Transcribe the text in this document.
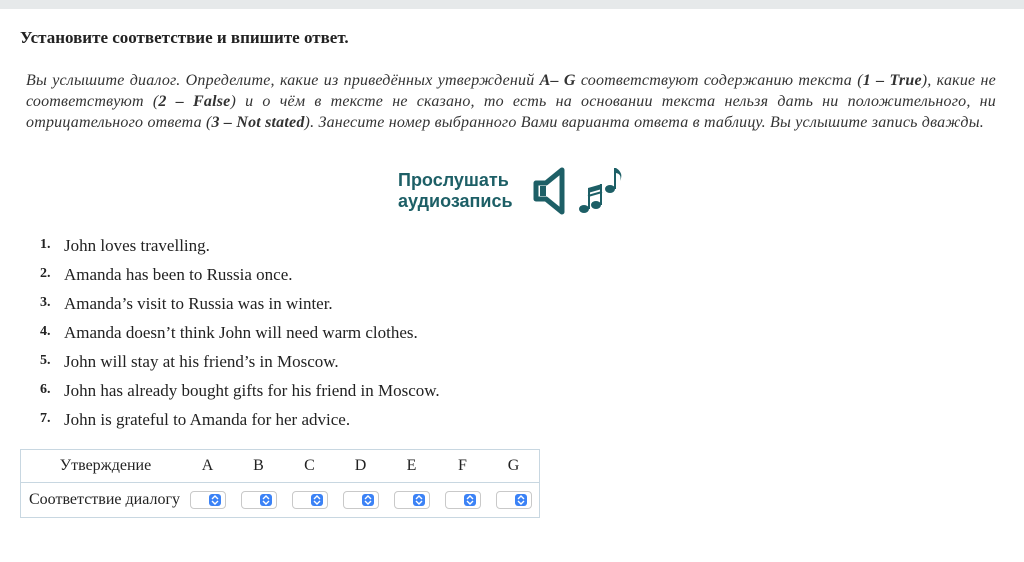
Установите соответствие и впишите ответ.
Вы услышите диалог. Определите, какие из приведённых утверждений A– G соответствуют содержанию текста (1 – True), какие не соответствуют (2 – False) и о чём в тексте не сказано, то есть на основании текста нельзя дать ни положительного, ни отрицательного ответа (3 – Not stated). Занесите номер выбранного Вами варианта ответа в таблицу. Вы услышите запись дважды.
Прослушать
аудиозапись
1. John loves travelling.
2. Amanda has been to Russia once.
3. Amanda’s visit to Russia was in winter.
4. Amanda doesn’t think John will need warm clothes.
5. John will stay at his friend’s in Moscow.
6. John has already bought gifts for his friend in Moscow.
7. John is grateful to Amanda for her advice.
Утверждение	A	B	C	D	E	F	G
Соответствие диалогу	
